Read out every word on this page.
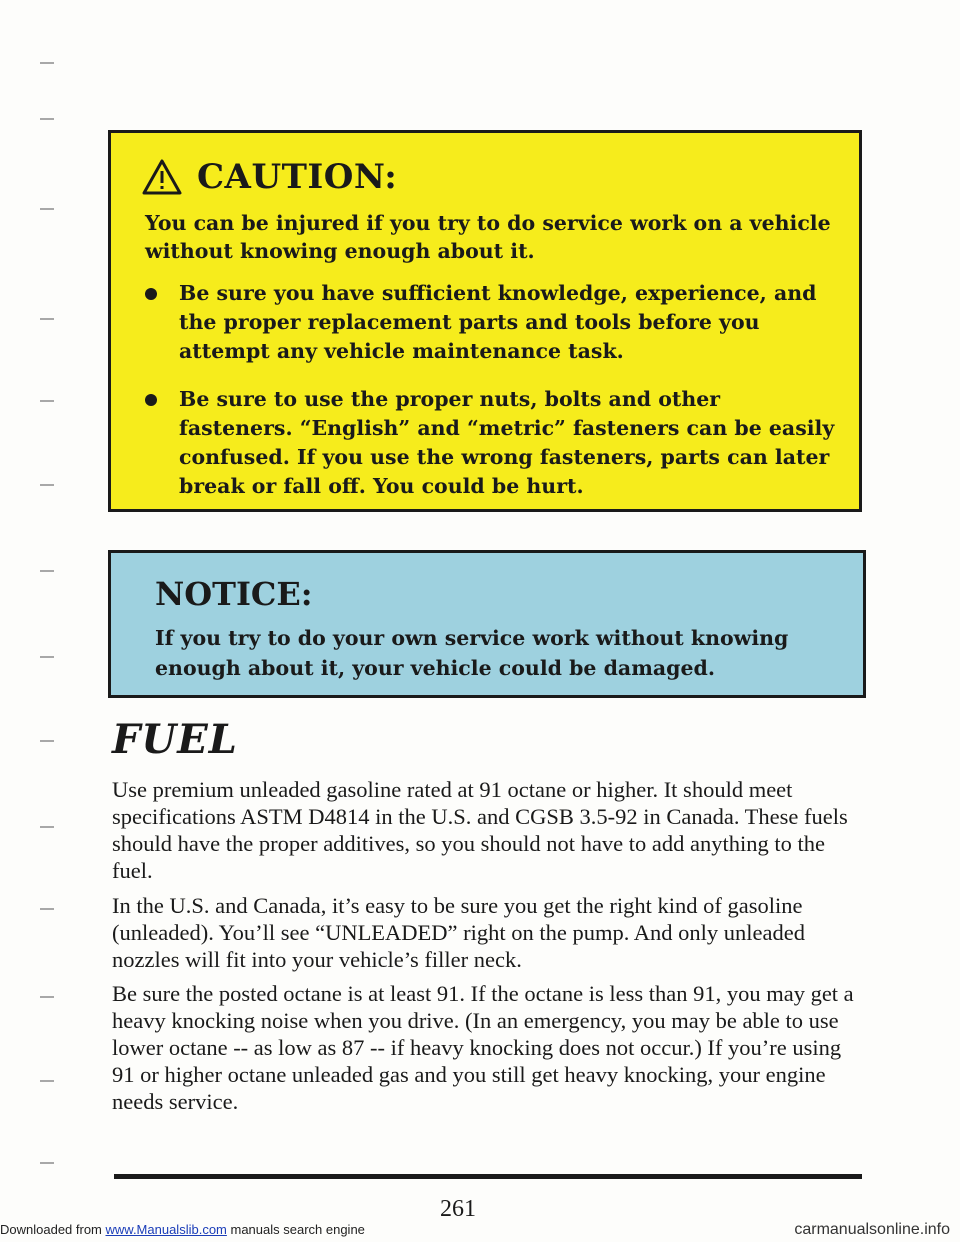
CAUTION:
You can be injured if you try to do service work on a vehicle without knowing enough about it.
Be sure you have sufficient knowledge, experience, and the proper replacement parts and tools before you attempt any vehicle maintenance task.
Be sure to use the proper nuts, bolts and other fasteners. “English” and “metric” fasteners can be easily confused. If you use the wrong fasteners, parts can later break or fall off. You could be hurt.
NOTICE:
If you try to do your own service work without knowing enough about it, your vehicle could be damaged.
FUEL

Use premium unleaded gasoline rated at 91 octane or higher. It should meet specifications ASTM D4814 in the U.S. and CGSB 3.5-92 in Canada. These fuels should have the proper additives, so you should not have to add anything to the fuel.

In the U.S. and Canada, it’s easy to be sure you get the right kind of gasoline (unleaded). You’ll see “UNLEADED” right on the pump. And only unleaded nozzles will fit into your vehicle’s filler neck.

Be sure the posted octane is at least 91. If the octane is less than 91, you may get a heavy knocking noise when you drive. (In an emergency, you may be able to use lower octane -- as low as 87 -- if heavy knocking does not occur.) If you’re using 91 or higher octane unleaded gas and you still get heavy knocking, your engine needs service.

261
Downloaded from www.Manualslib.com manuals search engine	carmanualsonline.info
